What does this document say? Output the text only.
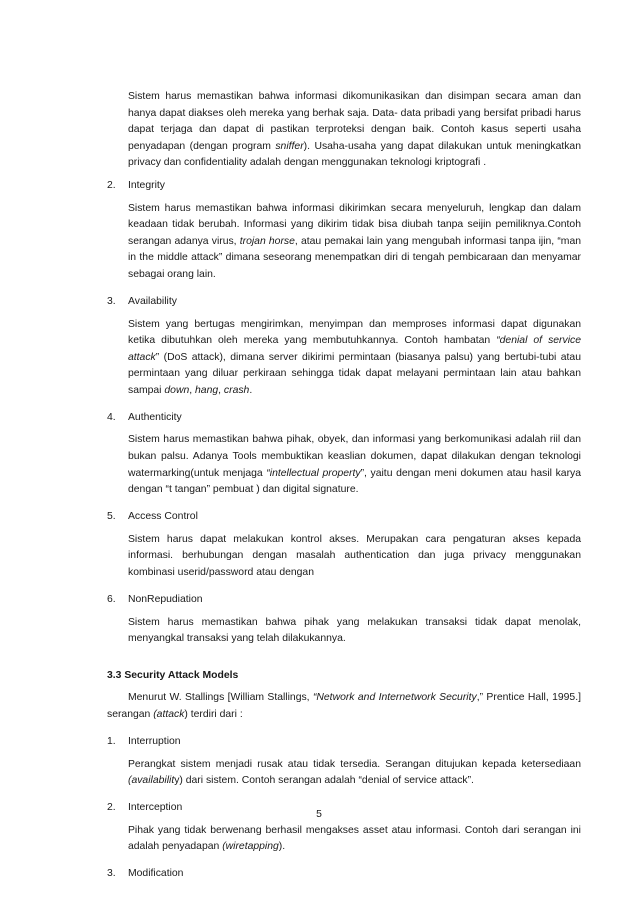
Sistem harus memastikan bahwa informasi dikomunikasikan dan disimpan secara aman dan hanya dapat diakses oleh mereka yang berhak saja. Data- data pribadi yang bersifat pribadi harus dapat terjaga dan dapat di pastikan terproteksi dengan baik. Contoh kasus seperti usaha penyadapan (dengan program sniffer). Usaha-usaha yang dapat dilakukan untuk meningkatkan privacy dan confidentiality adalah dengan menggunakan teknologi kriptografi .

2.	Integrity

Sistem harus memastikan bahwa informasi dikirimkan secara menyeluruh, lengkap dan dalam keadaan tidak berubah. Informasi yang dikirim tidak bisa diubah tanpa seijin pemiliknya.Contoh serangan adanya virus, trojan horse, atau pemakai lain yang mengubah informasi tanpa ijin, “man in the middle attack” dimana seseorang menempatkan diri di tengah pembicaraan dan menyamar sebagai orang lain.

3.	Availability

Sistem yang bertugas mengirimkan, menyimpan dan memproses informasi dapat digunakan ketika dibutuhkan oleh mereka yang membutuhkannya. Contoh hambatan “denial of service attack” (DoS attack), dimana server dikirimi permintaan (biasanya palsu) yang bertubi-tubi atau permintaan yang diluar perkiraan sehingga tidak dapat melayani permintaan lain atau bahkan sampai down, hang, crash.

4.	Authenticity

Sistem harus memastikan bahwa pihak, obyek, dan informasi yang berkomunikasi adalah riil dan bukan palsu. Adanya Tools membuktikan keaslian dokumen, dapat dilakukan dengan teknologi watermarking(untuk menjaga “intellectual property”, yaitu dengan meni dokumen atau hasil karya dengan “t tangan” pembuat ) dan digital signature.

5.	Access Control

Sistem harus dapat melakukan kontrol akses. Merupakan cara pengaturan akses kepada informasi. berhubungan dengan masalah authentication dan juga privacy menggunakan kombinasi userid/password atau dengan

6.	NonRepudiation

Sistem harus memastikan bahwa pihak yang melakukan transaksi tidak dapat menolak, menyangkal transaksi yang telah dilakukannya.

3.3 Security Attack Models

Menurut W. Stallings [William Stallings, “Network and Internetwork Security,” Prentice Hall, 1995.] serangan (attack) terdiri dari :

1.	Interruption

Perangkat sistem menjadi rusak atau tidak tersedia. Serangan ditujukan kepada ketersediaan (availability) dari sistem. Contoh serangan adalah “denial of service attack”.

2.	Interception

Pihak yang tidak berwenang berhasil mengakses asset atau informasi. Contoh dari serangan ini adalah penyadapan (wiretapping).

3.	Modification
5
